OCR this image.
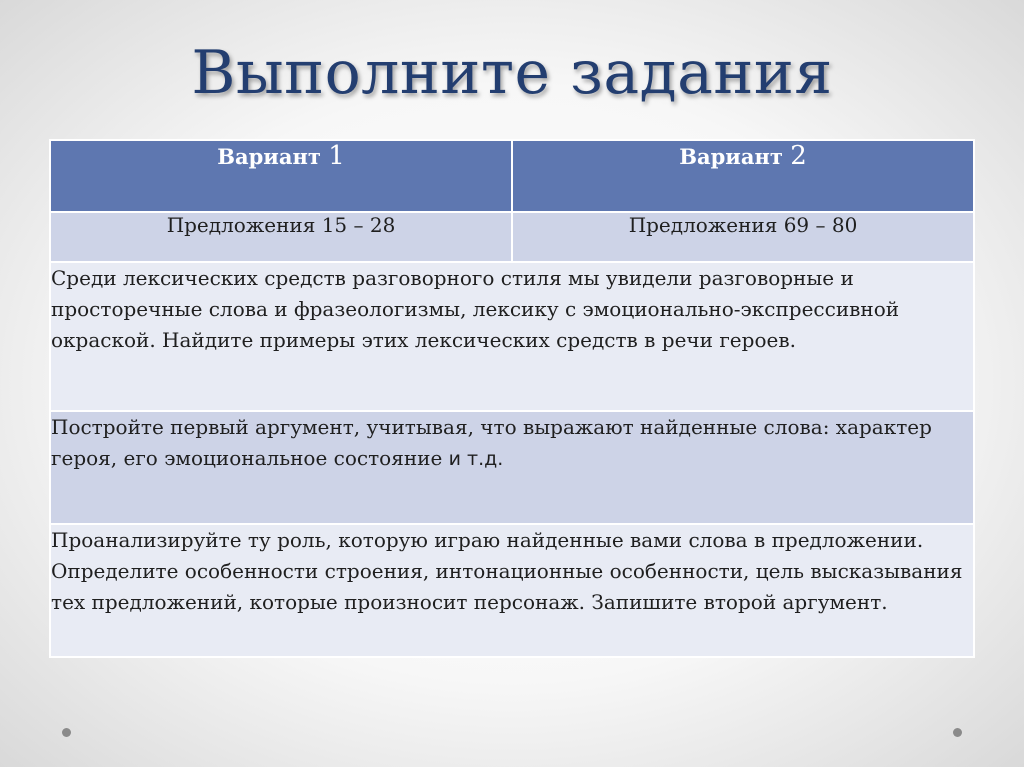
Выполните задания
Вариант 1	Вариант 2
Предложения 15 – 28	Предложения 69 – 80
Среди лексических средств разговорного стиля мы увидели разговорные и просторечные слова и фразеологизмы, лексику с эмоционально-экспрессивной окраской. Найдите примеры этих лексических средств в речи героев.	
Постройте первый аргумент, учитывая, что выражают найденные слова: характер героя, его эмоциональное состояние и т.д.	
Проанализируйте ту роль, которую играю найденные вами слова в предложении. Определите особенности строения, интонационные особенности, цель высказывания тех предложений, которые произносит персонаж. Запишите второй аргумент.	
